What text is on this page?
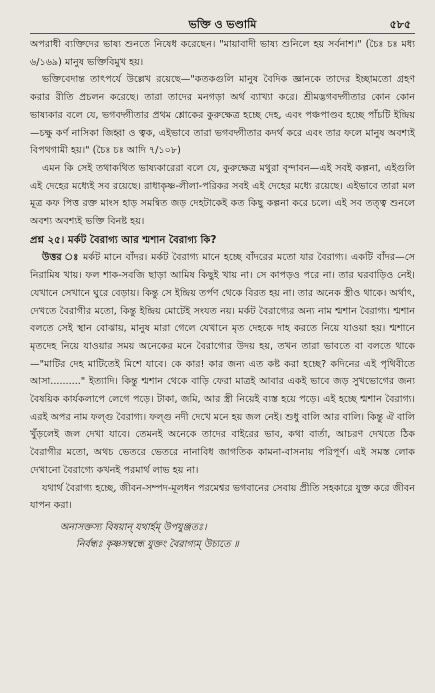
ভক্তি ও ভণ্ডামি	৫৮৫

অপরাধী ব্যক্তিদের ভাষ্য শুনতে নিষেধ করেছেন। "মায়াবাদী ভাষ্য শুনিলে হয় সর্বনাশ।" (চৈঃ চঃ মধ্য ৬/১৬৯) মানুষ ভক্তিবিমুখ হয়।

ভক্তিবেদান্ত তাৎপর্যে উল্লেখ রয়েছে—"কতকগুলি মানুষ বৈদিক জ্ঞানকে তাদের ইচ্ছামতো গ্রহণ করার রীতি প্রচলন করেছে। তারা তাদের মনগড়া অর্থ ব্যাখ্যা করে। শ্রীমদ্ভগবদ্গীতার কোন কোন ভাষ্যকার বলে যে, ভগবদ্গীতার প্রথম শ্লোকের কুরুক্ষেত্র হচ্ছে দেহ, এবং পঞ্চপাণ্ডব হচ্ছে পাঁচটি ইন্দ্রিয়—চক্ষু কর্ণ নাসিকা জিহ্বা ও ত্বক, এইভাবে তারা ভগবদ্গীতার কদর্থ করে এবং তার ফলে মানুষ অবশ্যই বিপথগামী হয়।" (চৈঃ চঃ আদি ৭/১০৮)

এমন কি সেই তথাকথিত ভাষ্যকারেরা বলে যে, কুরুক্ষেত্র মথুরা বৃন্দাবন—এই সবই কল্পনা, এইগুলি এই দেহের মধ্যেই সব রয়েছে। রাধাকৃষ্ণ-লীলা-পরিকর সবই এই দেহের মধ্যে রয়েছে। এইভাবে তারা মল মূত্র কফ পিত্ত রক্ত মাংস হাড় সমন্বিত জড় দেহটাকেই কত কিছু কল্পনা করে চলে। এই সব তত্ত্ব শুনলে অবশ্য অবশ্যই ভক্তি বিনষ্ট হয়।

প্রশ্ন ২৫। মর্কট বৈরাগ্য আর শ্মশান বৈরাগ্য কি?

উত্তর ঃ মর্কট মানে বাঁদর। মর্কট বৈরাগ্য মানে হচ্ছে বাঁদরের মতো যার বৈরাগ্য। একটি বাঁদর—সে নিরামিষ খায়। ফল শাক-সবজি ছাড়া আমিষ কিছুই খায় না। সে কাপড়ও পরে না। তার ঘরবাড়িও নেই। যেখানে সেখানে ঘুরে বেড়ায়। কিন্তু সে ইন্দ্রিয় তর্পণ থেকে বিরত হয় না। তার অনেক স্ত্রীও থাকে। অর্থাৎ, দেখতে বৈরাগীর মতো, কিন্তু ইন্দ্রিয় মোটেই সংযত নয়। মর্কট বৈরাগ্যের অন্য নাম শ্মশান বৈরাগ্য। শ্মশান বলতে সেই স্থান বোঝায়, মানুষ মারা গেলে যেখানে মৃত দেহকে দাহ করতে নিয়ে যাওয়া হয়। শ্মশানে মৃতদেহ নিয়ে যাওয়ার সময় অনেকের মনে বৈরাগ্যের উদয় হয়, তখন তারা ভাবতে বা বলতে থাকে—"মাটির দেহ মাটিতেই মিশে যাবে। কে কার! কার জন্য এত কষ্ট করা হচ্ছে? কদিনের এই পৃথিবীতে আসা.........." ইত্যাদি। কিন্তু শ্মশান থেকে বাড়ি ফেরা মাত্রই আবার একই ভাবে জড় সুখভোগের জন্য বৈষয়িক কার্যকলাপে লেগে পড়ে। টাকা, জমি, আর স্ত্রী নিয়েই ব্যস্ত হয়ে পড়ে। এই হচ্ছে শ্মশান বৈরাগ্য। এরই অপর নাম ফল্গু বৈরাগ্য। ফল্গু নদী দেখে মনে হয় জল নেই। শুধু বালি আর বালি। কিন্তু ঐ বালি খুঁড়লেই জল দেখা যাবে। তেমনই অনেকে তাদের বাইরের ভাব, কথা বার্তা, আচরণ দেখতে ঠিক বৈরাগীর মতো, অথচ ভেতরে ভেতরে নানাবিধ জাগতিক কামনা-বাসনায় পরিপূর্ণ। এই সমস্ত লোক দেখানো বৈরাগ্যে কখনই পরমার্থ লাভ হয় না।

যথার্থ বৈরাগ্য হচ্ছে, জীবন-সম্পদ-মূলধন পরমেশ্বর ভগবানের সেবায় প্রীতি সহকারে যুক্ত করে জীবন যাপন করা।

অনাসক্তস্য বিষয়ান্ যথার্হম্ উপযুঞ্জতঃ।
নির্বন্ধঃ কৃষ্ণসম্বন্ধে যুক্তং বৈরাগ্যম্ উচ্যতে ॥
